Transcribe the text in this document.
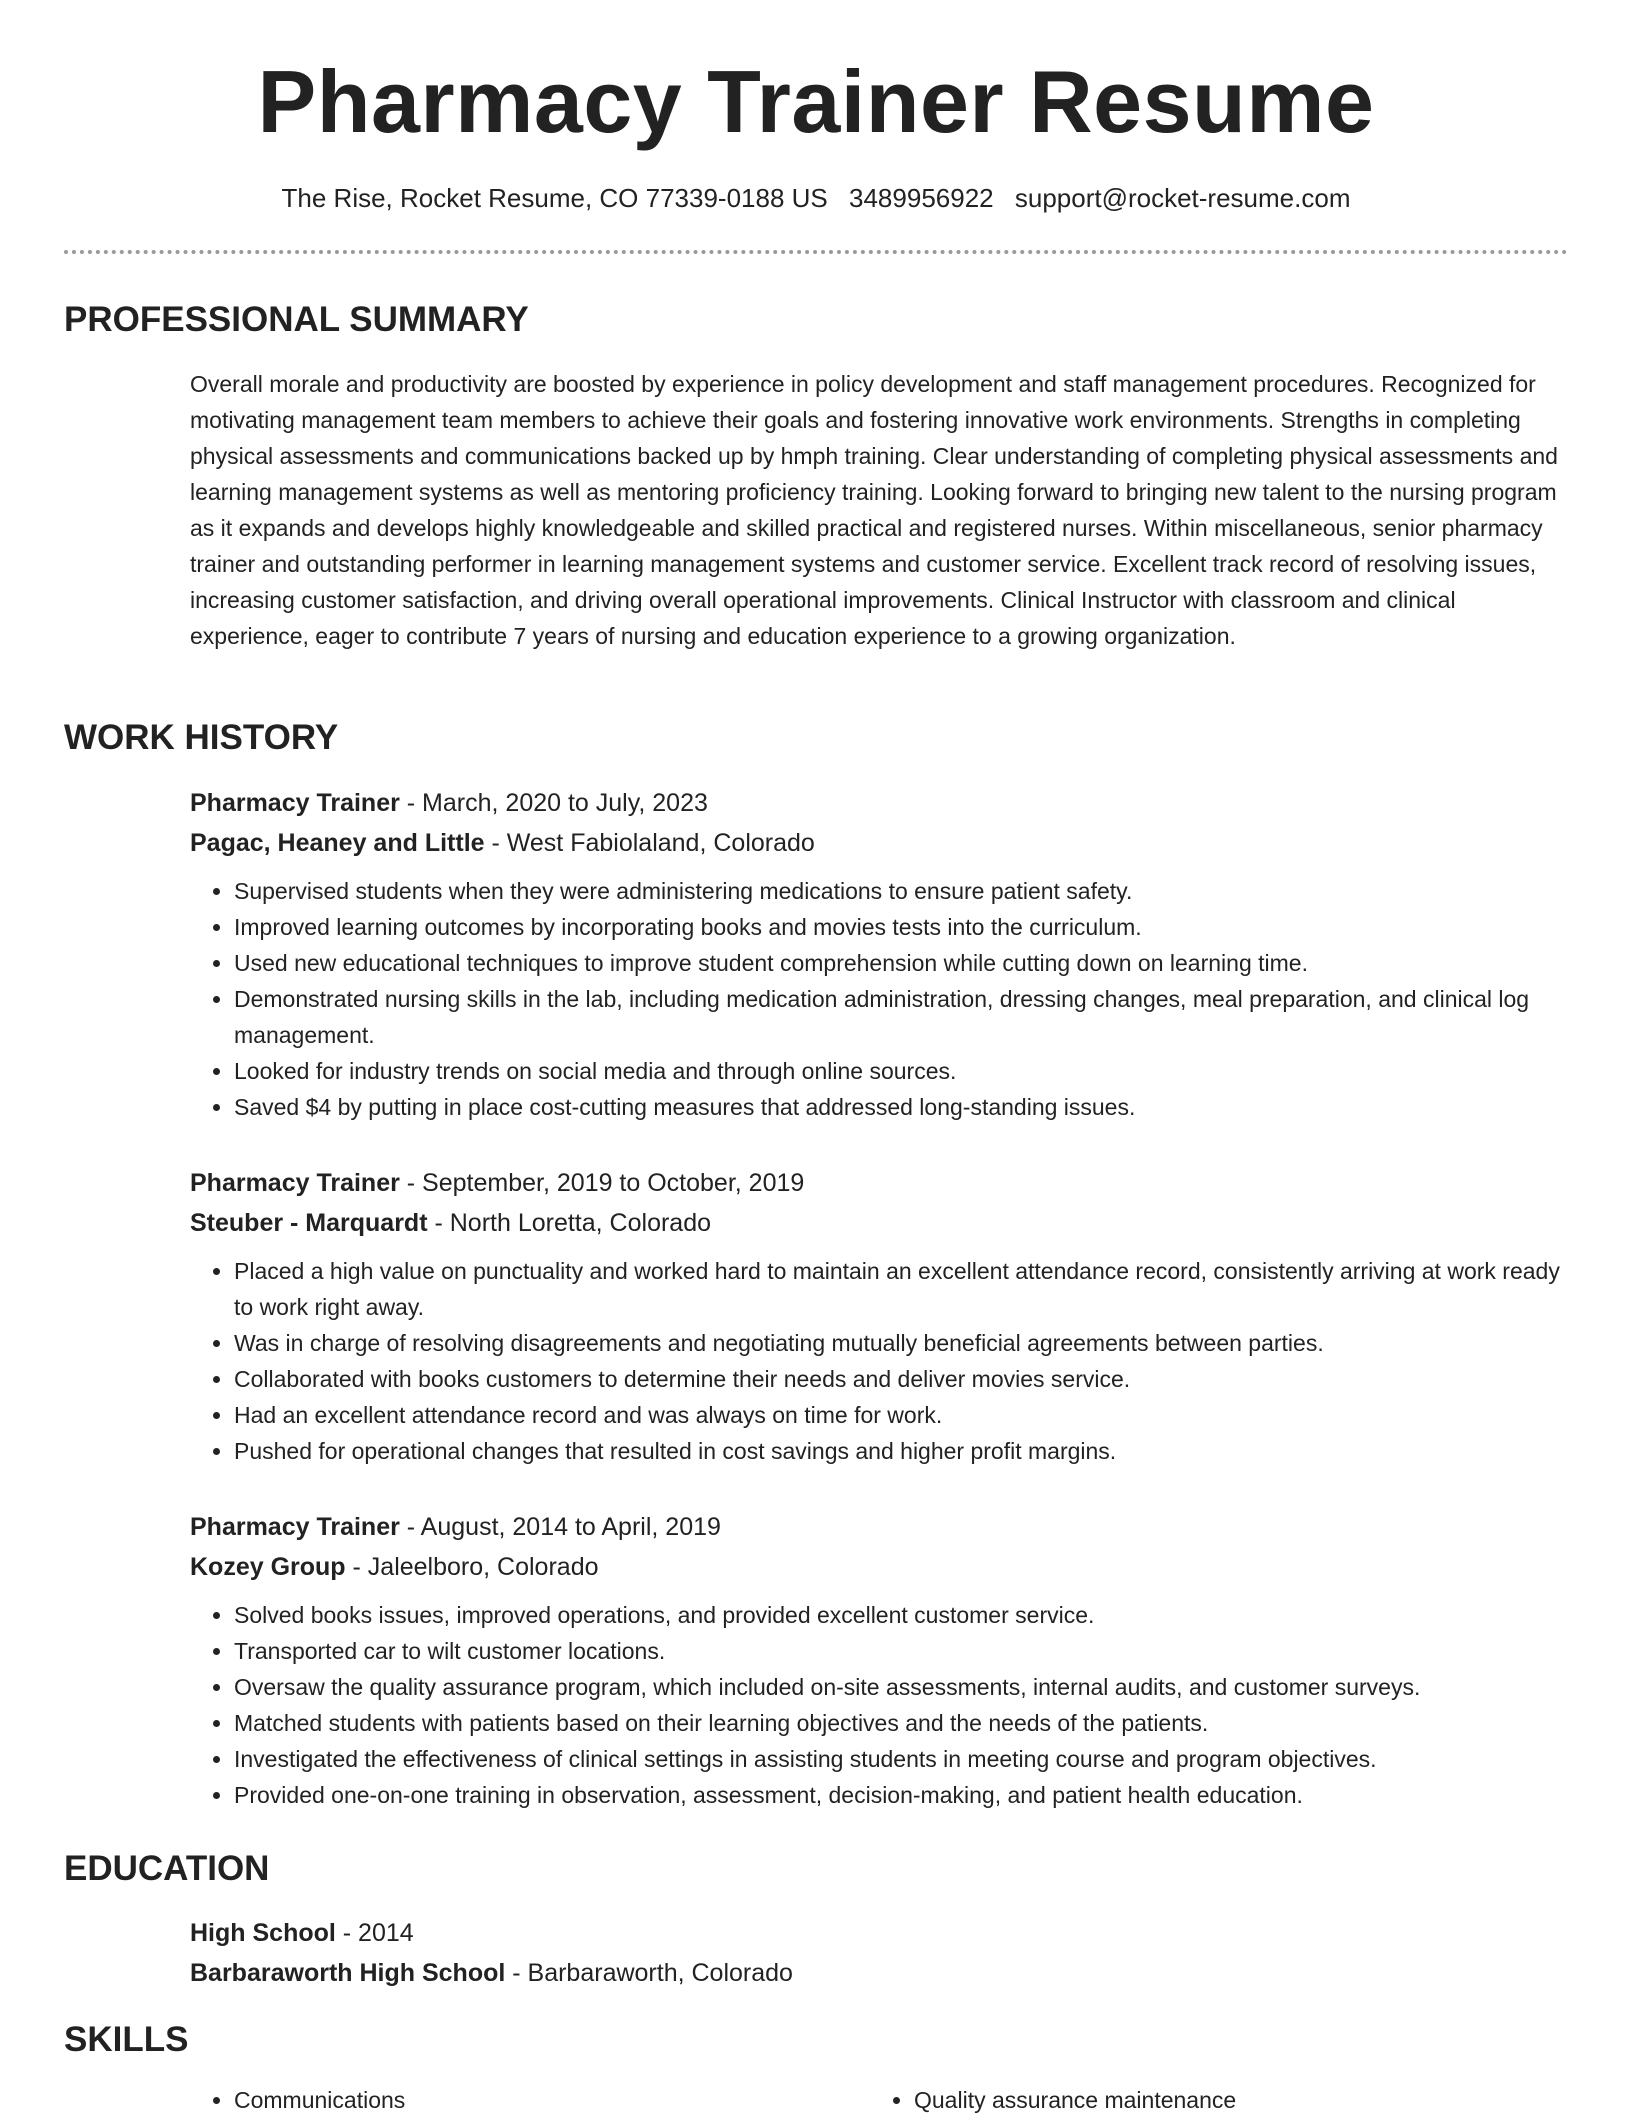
Pharmacy Trainer Resume
The Rise, Rocket Resume, CO 77339-0188 US 3489956922 support@rocket-resume.com
PROFESSIONAL SUMMARY
Overall morale and productivity are boosted by experience in policy development and staff management procedures. Recognized for motivating management team members to achieve their goals and fostering innovative work environments. Strengths in completing physical assessments and communications backed up by hmph training. Clear understanding of completing physical assessments and learning management systems as well as mentoring proficiency training. Looking forward to bringing new talent to the nursing program as it expands and develops highly knowledgeable and skilled practical and registered nurses. Within miscellaneous, senior pharmacy trainer and outstanding performer in learning management systems and customer service. Excellent track record of resolving issues, increasing customer satisfaction, and driving overall operational improvements. Clinical Instructor with classroom and clinical experience, eager to contribute 7 years of nursing and education experience to a growing organization.
WORK HISTORY
Pharmacy Trainer - March, 2020 to July, 2023
Pagac, Heaney and Little - West Fabiolaland, Colorado
• Supervised students when they were administering medications to ensure patient safety.
• Improved learning outcomes by incorporating books and movies tests into the curriculum.
• Used new educational techniques to improve student comprehension while cutting down on learning time.
• Demonstrated nursing skills in the lab, including medication administration, dressing changes, meal preparation, and clinical log management.
• Looked for industry trends on social media and through online sources.
• Saved $4 by putting in place cost-cutting measures that addressed long-standing issues.
Pharmacy Trainer - September, 2019 to October, 2019
Steuber - Marquardt - North Loretta, Colorado
• Placed a high value on punctuality and worked hard to maintain an excellent attendance record, consistently arriving at work ready to work right away.
• Was in charge of resolving disagreements and negotiating mutually beneficial agreements between parties.
• Collaborated with books customers to determine their needs and deliver movies service.
• Had an excellent attendance record and was always on time for work.
• Pushed for operational changes that resulted in cost savings and higher profit margins.
Pharmacy Trainer - August, 2014 to April, 2019
Kozey Group - Jaleelboro, Colorado
• Solved books issues, improved operations, and provided excellent customer service.
• Transported car to wilt customer locations.
• Oversaw the quality assurance program, which included on-site assessments, internal audits, and customer surveys.
• Matched students with patients based on their learning objectives and the needs of the patients.
• Investigated the effectiveness of clinical settings in assisting students in meeting course and program objectives.
• Provided one-on-one training in observation, assessment, decision-making, and patient health education.
EDUCATION
High School - 2014
Barbaraworth High School - Barbaraworth, Colorado
SKILLS
• Communications
•	Quality assurance maintenance
